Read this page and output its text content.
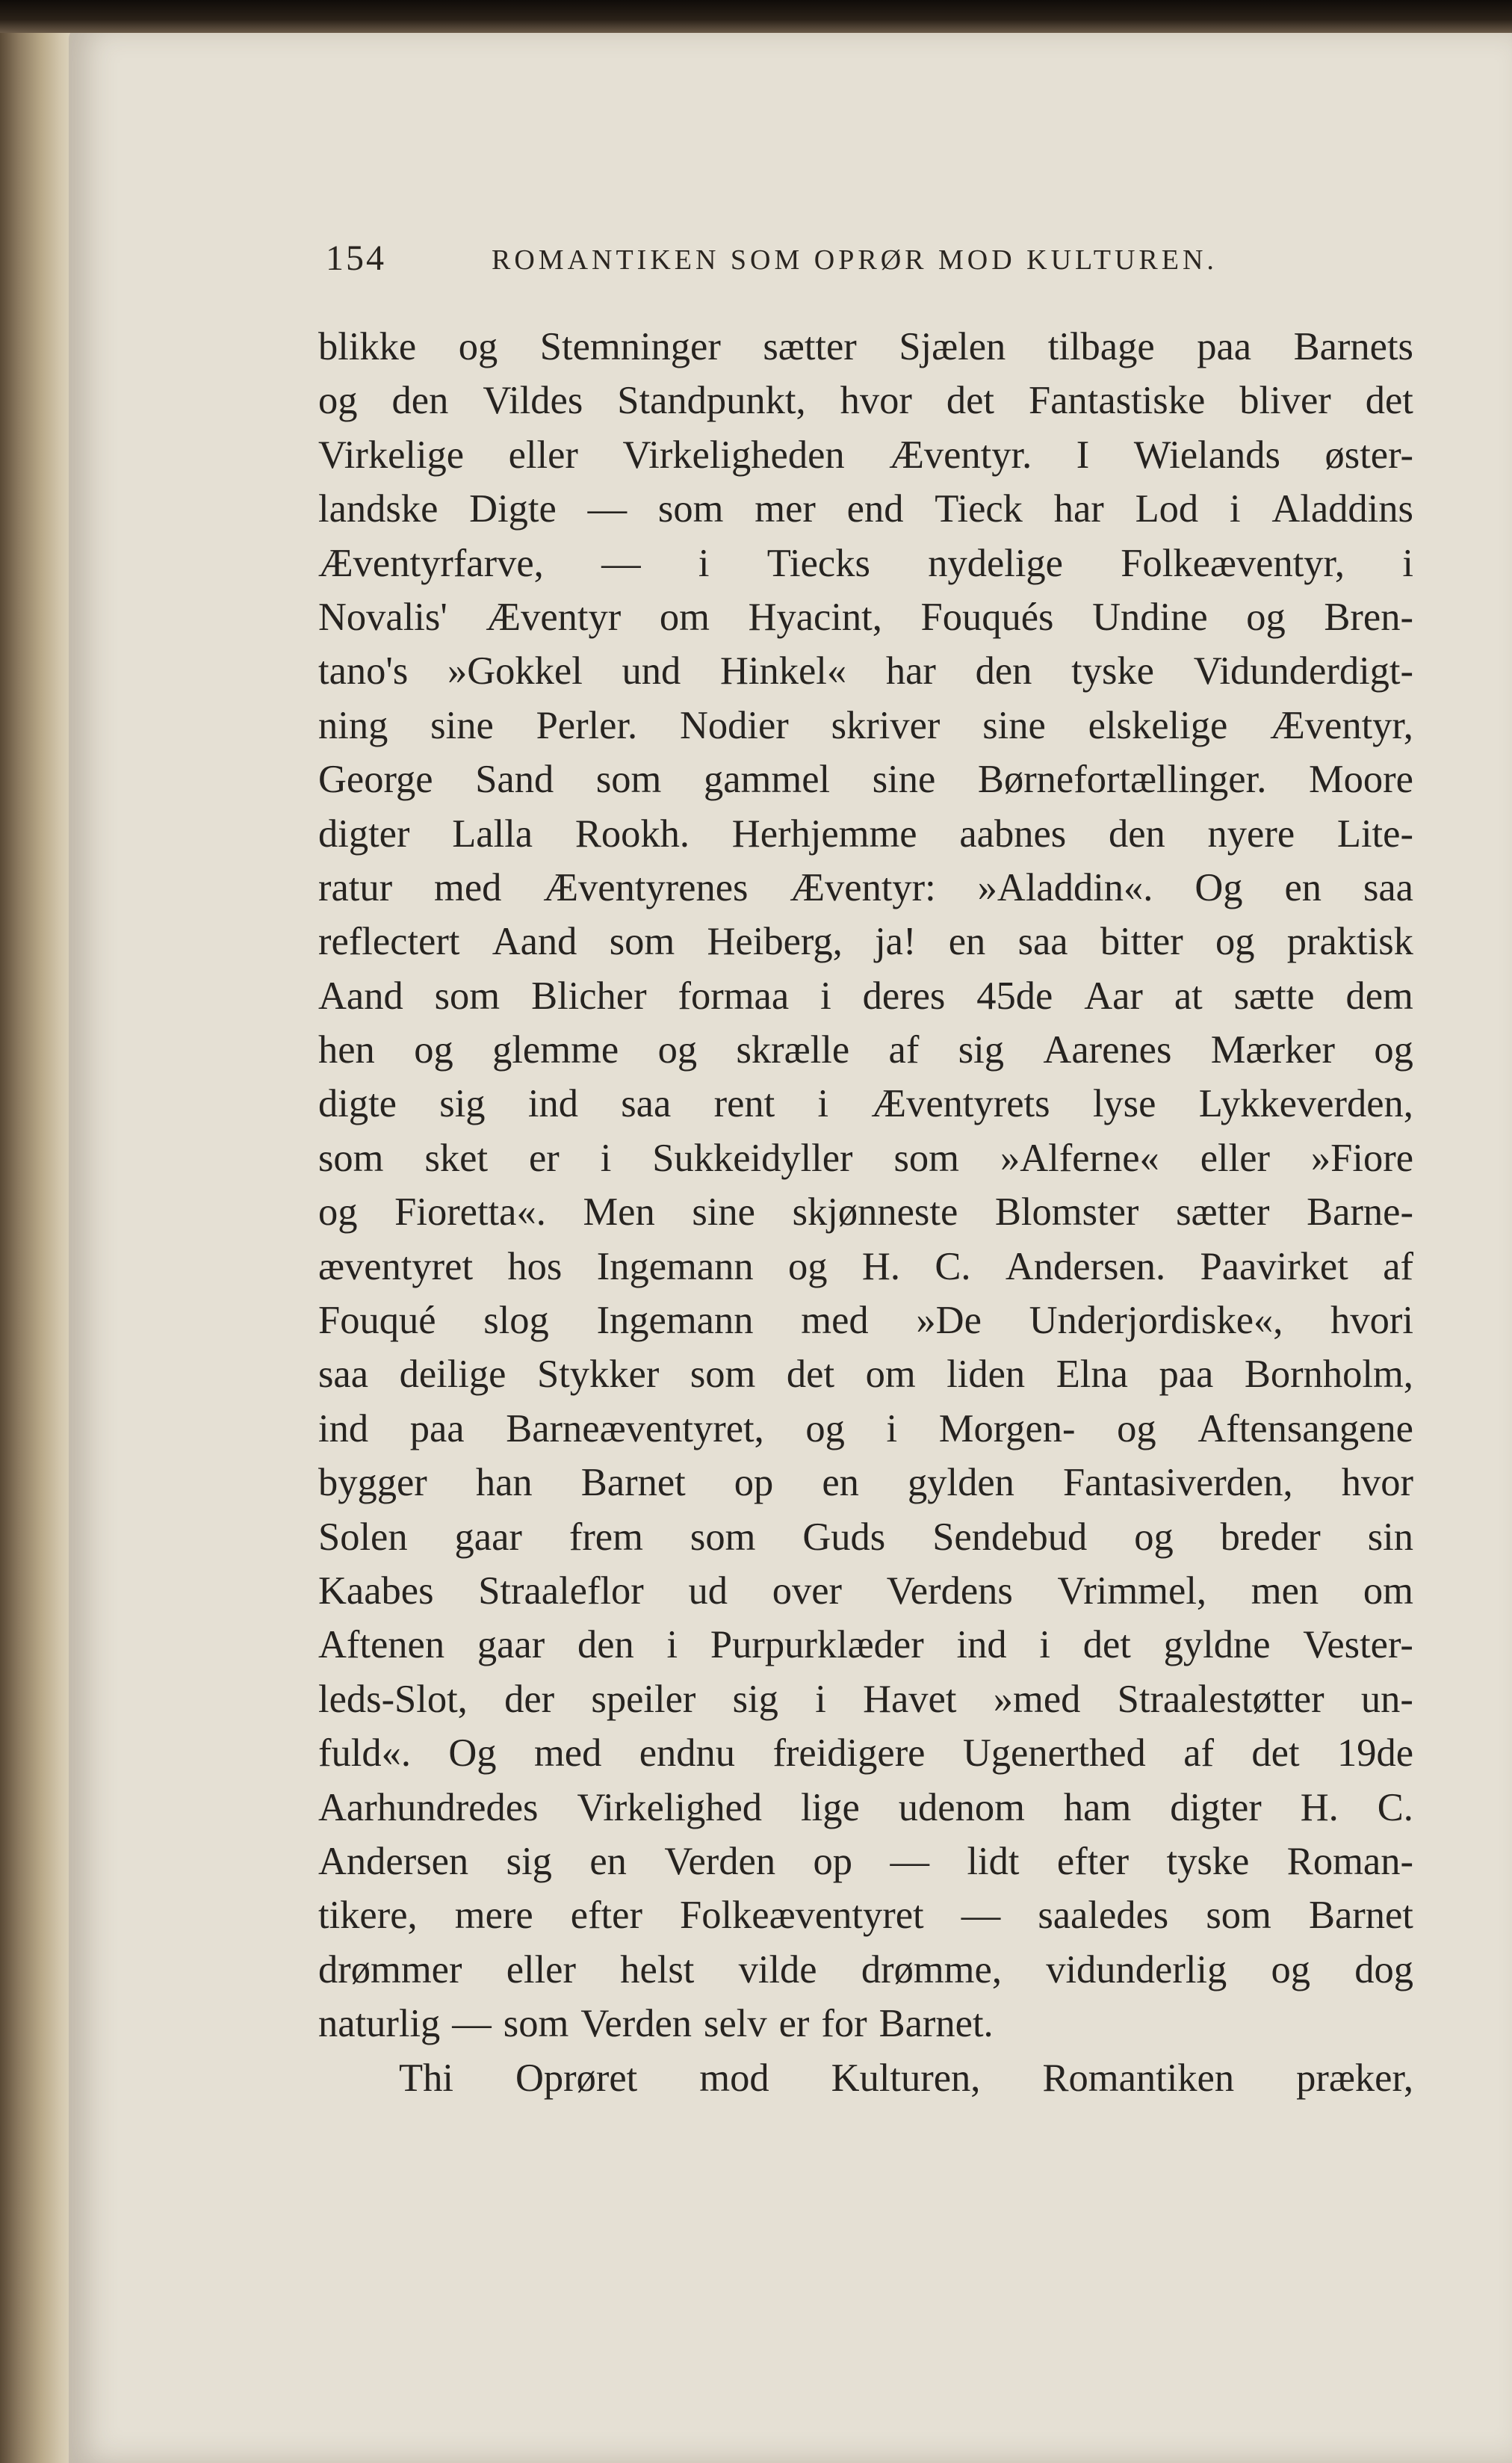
154	ROMANTIKEN SOM OPRØR MOD KULTUREN.
blikke og Stemninger sætter Sjælen tilbage paa Barnets
og den Vildes Standpunkt, hvor det Fantastiske bliver det
Virkelige eller Virkeligheden Æventyr. I Wielands øster-
landske Digte — som mer end Tieck har Lod i Aladdins
Æventyrfarve, — i Tiecks nydelige Folkeæventyr, i
Novalis' Æventyr om Hyacint, Fouqués Undine og Bren-
tano's »Gokkel und Hinkel« har den tyske Vidunderdigt-
ning sine Perler. Nodier skriver sine elskelige Æventyr,
George Sand som gammel sine Børnefortællinger. Moore
digter Lalla Rookh. Herhjemme aabnes den nyere Lite-
ratur med Æventyrenes Æventyr: »Aladdin«. Og en saa
reflectert Aand som Heiberg, ja! en saa bitter og praktisk
Aand som Blicher formaa i deres 45de Aar at sætte dem
hen og glemme og skrælle af sig Aarenes Mærker og
digte sig ind saa rent i Æventyrets lyse Lykkeverden,
som sket er i Sukkeidyller som »Alferne« eller »Fiore
og Fioretta«. Men sine skjønneste Blomster sætter Barne-
æventyret hos Ingemann og H. C. Andersen. Paavirket af
Fouqué slog Ingemann med »De Underjordiske«, hvori
saa deilige Stykker som det om liden Elna paa Bornholm,
ind paa Barneæventyret, og i Morgen- og Aftensangene
bygger han Barnet op en gylden Fantasiverden, hvor
Solen gaar frem som Guds Sendebud og breder sin
Kaabes Straaleflor ud over Verdens Vrimmel, men om
Aftenen gaar den i Purpurklæder ind i det gyldne Vester-
leds-Slot, der speiler sig i Havet »med Straalestøtter un-
fuld«. Og med endnu freidigere Ugenerthed af det 19de
Aarhundredes Virkelighed lige udenom ham digter H. C.
Andersen sig en Verden op — lidt efter tyske Roman-
tikere, mere efter Folkeæventyret — saaledes som Barnet
drømmer eller helst vilde drømme, vidunderlig og dog
naturlig — som Verden selv er for Barnet.
Thi Oprøret mod Kulturen, Romantiken præker,
